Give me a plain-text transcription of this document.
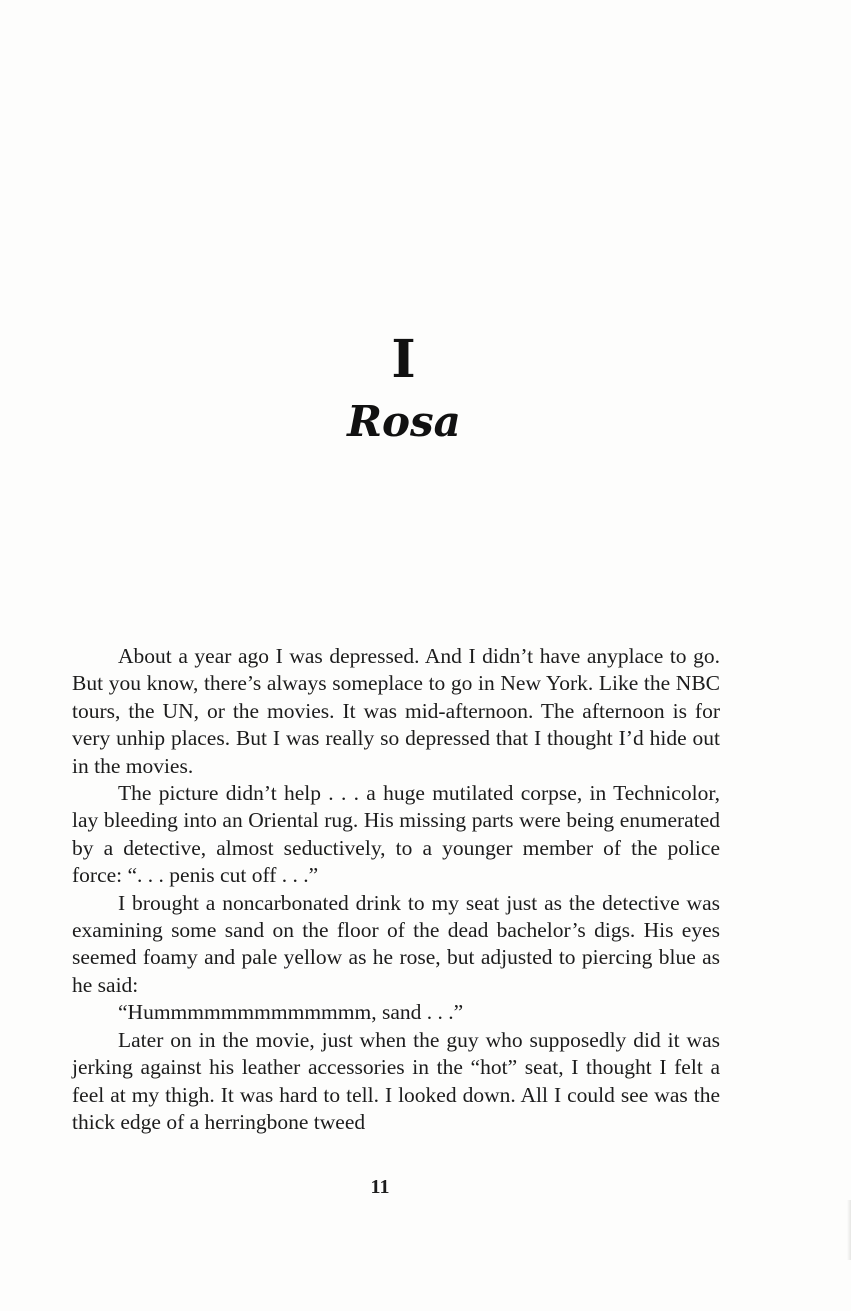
I
Rosa

About a year ago I was depressed. And I didn’t have anyplace to go. But you know, there’s always someplace to go in New York. Like the NBC tours, the UN, or the movies. It was mid-afternoon. The afternoon is for very unhip places. But I was really so depressed that I thought I’d hide out in the movies.

The picture didn’t help . . . a huge mutilated corpse, in Technicolor, lay bleeding into an Oriental rug. His missing parts were being enumerated by a detective, almost seductively, to a younger member of the police force: “. . . penis cut off . . .”

I brought a noncarbonated drink to my seat just as the detective was examining some sand on the floor of the dead bachelor’s digs. His eyes seemed foamy and pale yellow as he rose, but adjusted to piercing blue as he said:

“Hummmmmmmmmmmmm, sand . . .”

Later on in the movie, just when the guy who supposedly did it was jerking against his leather accessories in the “hot” seat, I thought I felt a feel at my thigh. It was hard to tell. I looked down. All I could see was the thick edge of a herringbone tweed

11
